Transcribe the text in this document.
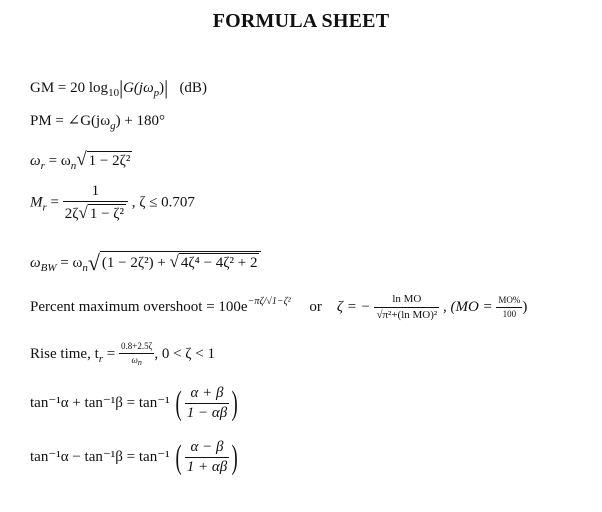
FORMULA SHEET
GM = 20 $\log_{10}|G(j\omega_p)|$ (dB)
PM = $\angle G(j\omega_g) + 180^\circ$
$\omega_r = \omega_n√$ 1 − 2ζ²
$M_r = \frac{1}{\text{2ζ√ 1 − ζ²}}$ , ζ ≤ 0.707
$\omega_{BW} = \omega_n√$ (1 − 2ζ²) + √ 4ζ⁴ − 4ζ² + 2
Percent maximum overshoot = $100e^{-\pi\zeta/√1-\zeta^2}$ or ζ = − $\frac{\text{ln MO}}{\text{√π²+(ln MO)²}}$ , ($MO = \frac{MO\%}{100}$ )
Rise time, $t_r = \frac{0.8+2.5\zeta}{\omega n}$ , 0 < ζ < 1
tan⁻¹α + tan⁻¹β = tan⁻¹ ( $\frac{\alpha + \beta}{1 - \alpha\beta}$ )
tan⁻¹α − tan⁻¹β = tan⁻¹ ( $\frac{\alpha - \beta}{1 + \alpha\beta}$ )
